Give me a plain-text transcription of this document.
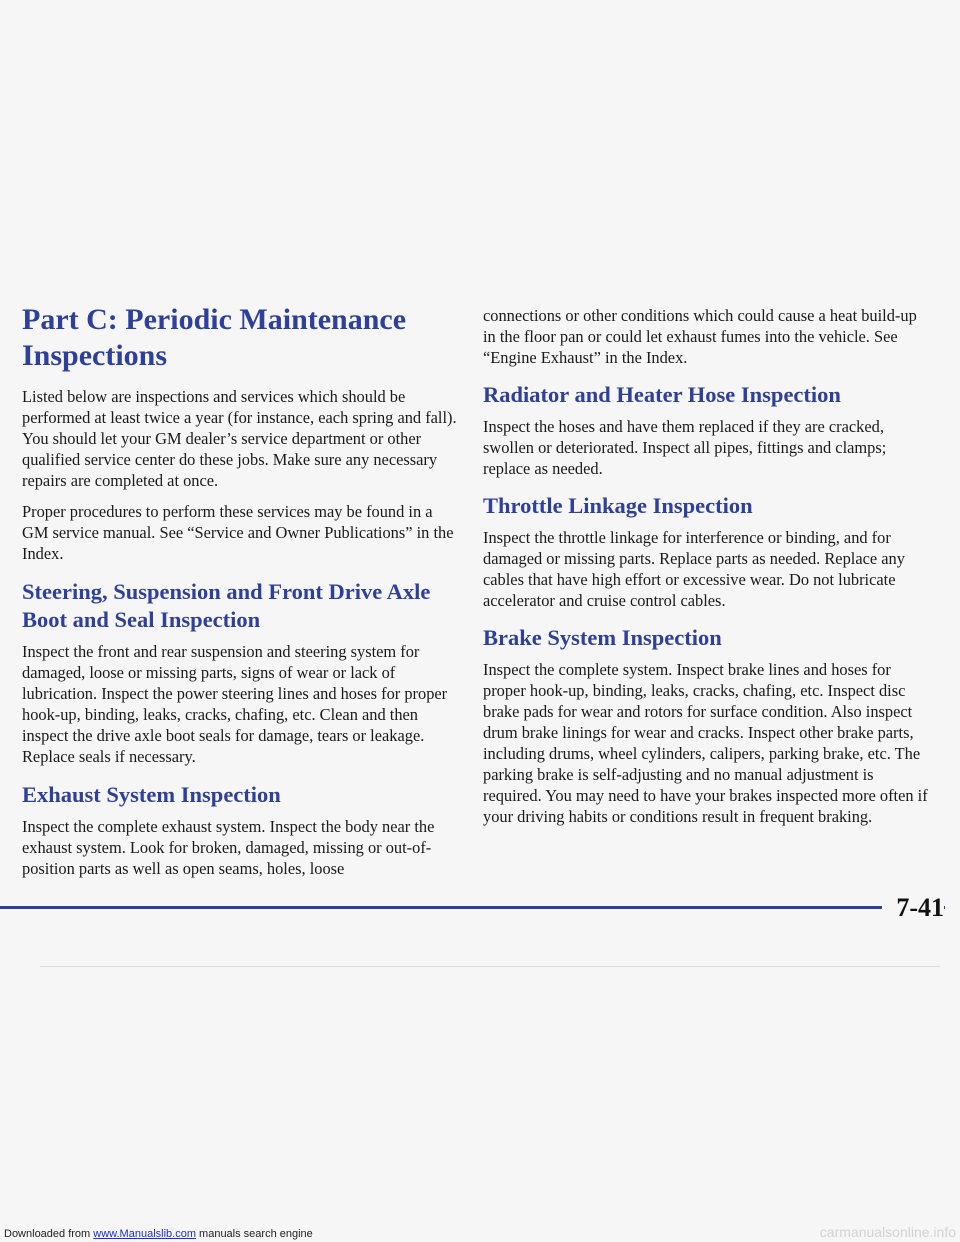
Part C: Periodic Maintenance Inspections

Listed below are inspections and services which should be performed at least twice a year (for instance, each spring and fall). You should let your GM dealer’s service department or other qualified service center do these jobs. Make sure any necessary repairs are completed at once.

Proper procedures to perform these services may be found in a GM service manual. See “Service and Owner Publications” in the Index.

Steering, Suspension and Front Drive Axle Boot and Seal Inspection

Inspect the front and rear suspension and steering system for damaged, loose or missing parts, signs of wear or lack of lubrication. Inspect the power steering lines and hoses for proper hook-up, binding, leaks, cracks, chafing, etc. Clean and then inspect the drive axle boot seals for damage, tears or leakage. Replace seals if necessary.

Exhaust System Inspection

Inspect the complete exhaust system. Inspect the body near the exhaust system. Look for broken, damaged, missing or out-of-position parts as well as open seams, holes, loose

connections or other conditions which could cause a heat build-up in the floor pan or could let exhaust fumes into the vehicle. See “Engine Exhaust” in the Index.

Radiator and Heater Hose Inspection

Inspect the hoses and have them replaced if they are cracked, swollen or deteriorated. Inspect all pipes, fittings and clamps; replace as needed.

Throttle Linkage Inspection

Inspect the throttle linkage for interference or binding, and for damaged or missing parts. Replace parts as needed. Replace any cables that have high effort or excessive wear. Do not lubricate accelerator and cruise control cables.

Brake System Inspection

Inspect the complete system. Inspect brake lines and hoses for proper hook-up, binding, leaks, cracks, chafing, etc. Inspect disc brake pads for wear and rotors for surface condition. Also inspect drum brake linings for wear and cracks. Inspect other brake parts, including drums, wheel cylinders, calipers, parking brake, etc. The parking brake is self-adjusting and no manual adjustment is required. You may need to have your brakes inspected more often if your driving habits or conditions result in frequent braking.

7-41
Downloaded from www.Manualslib.com manuals search engine	carmanualsonline.info
